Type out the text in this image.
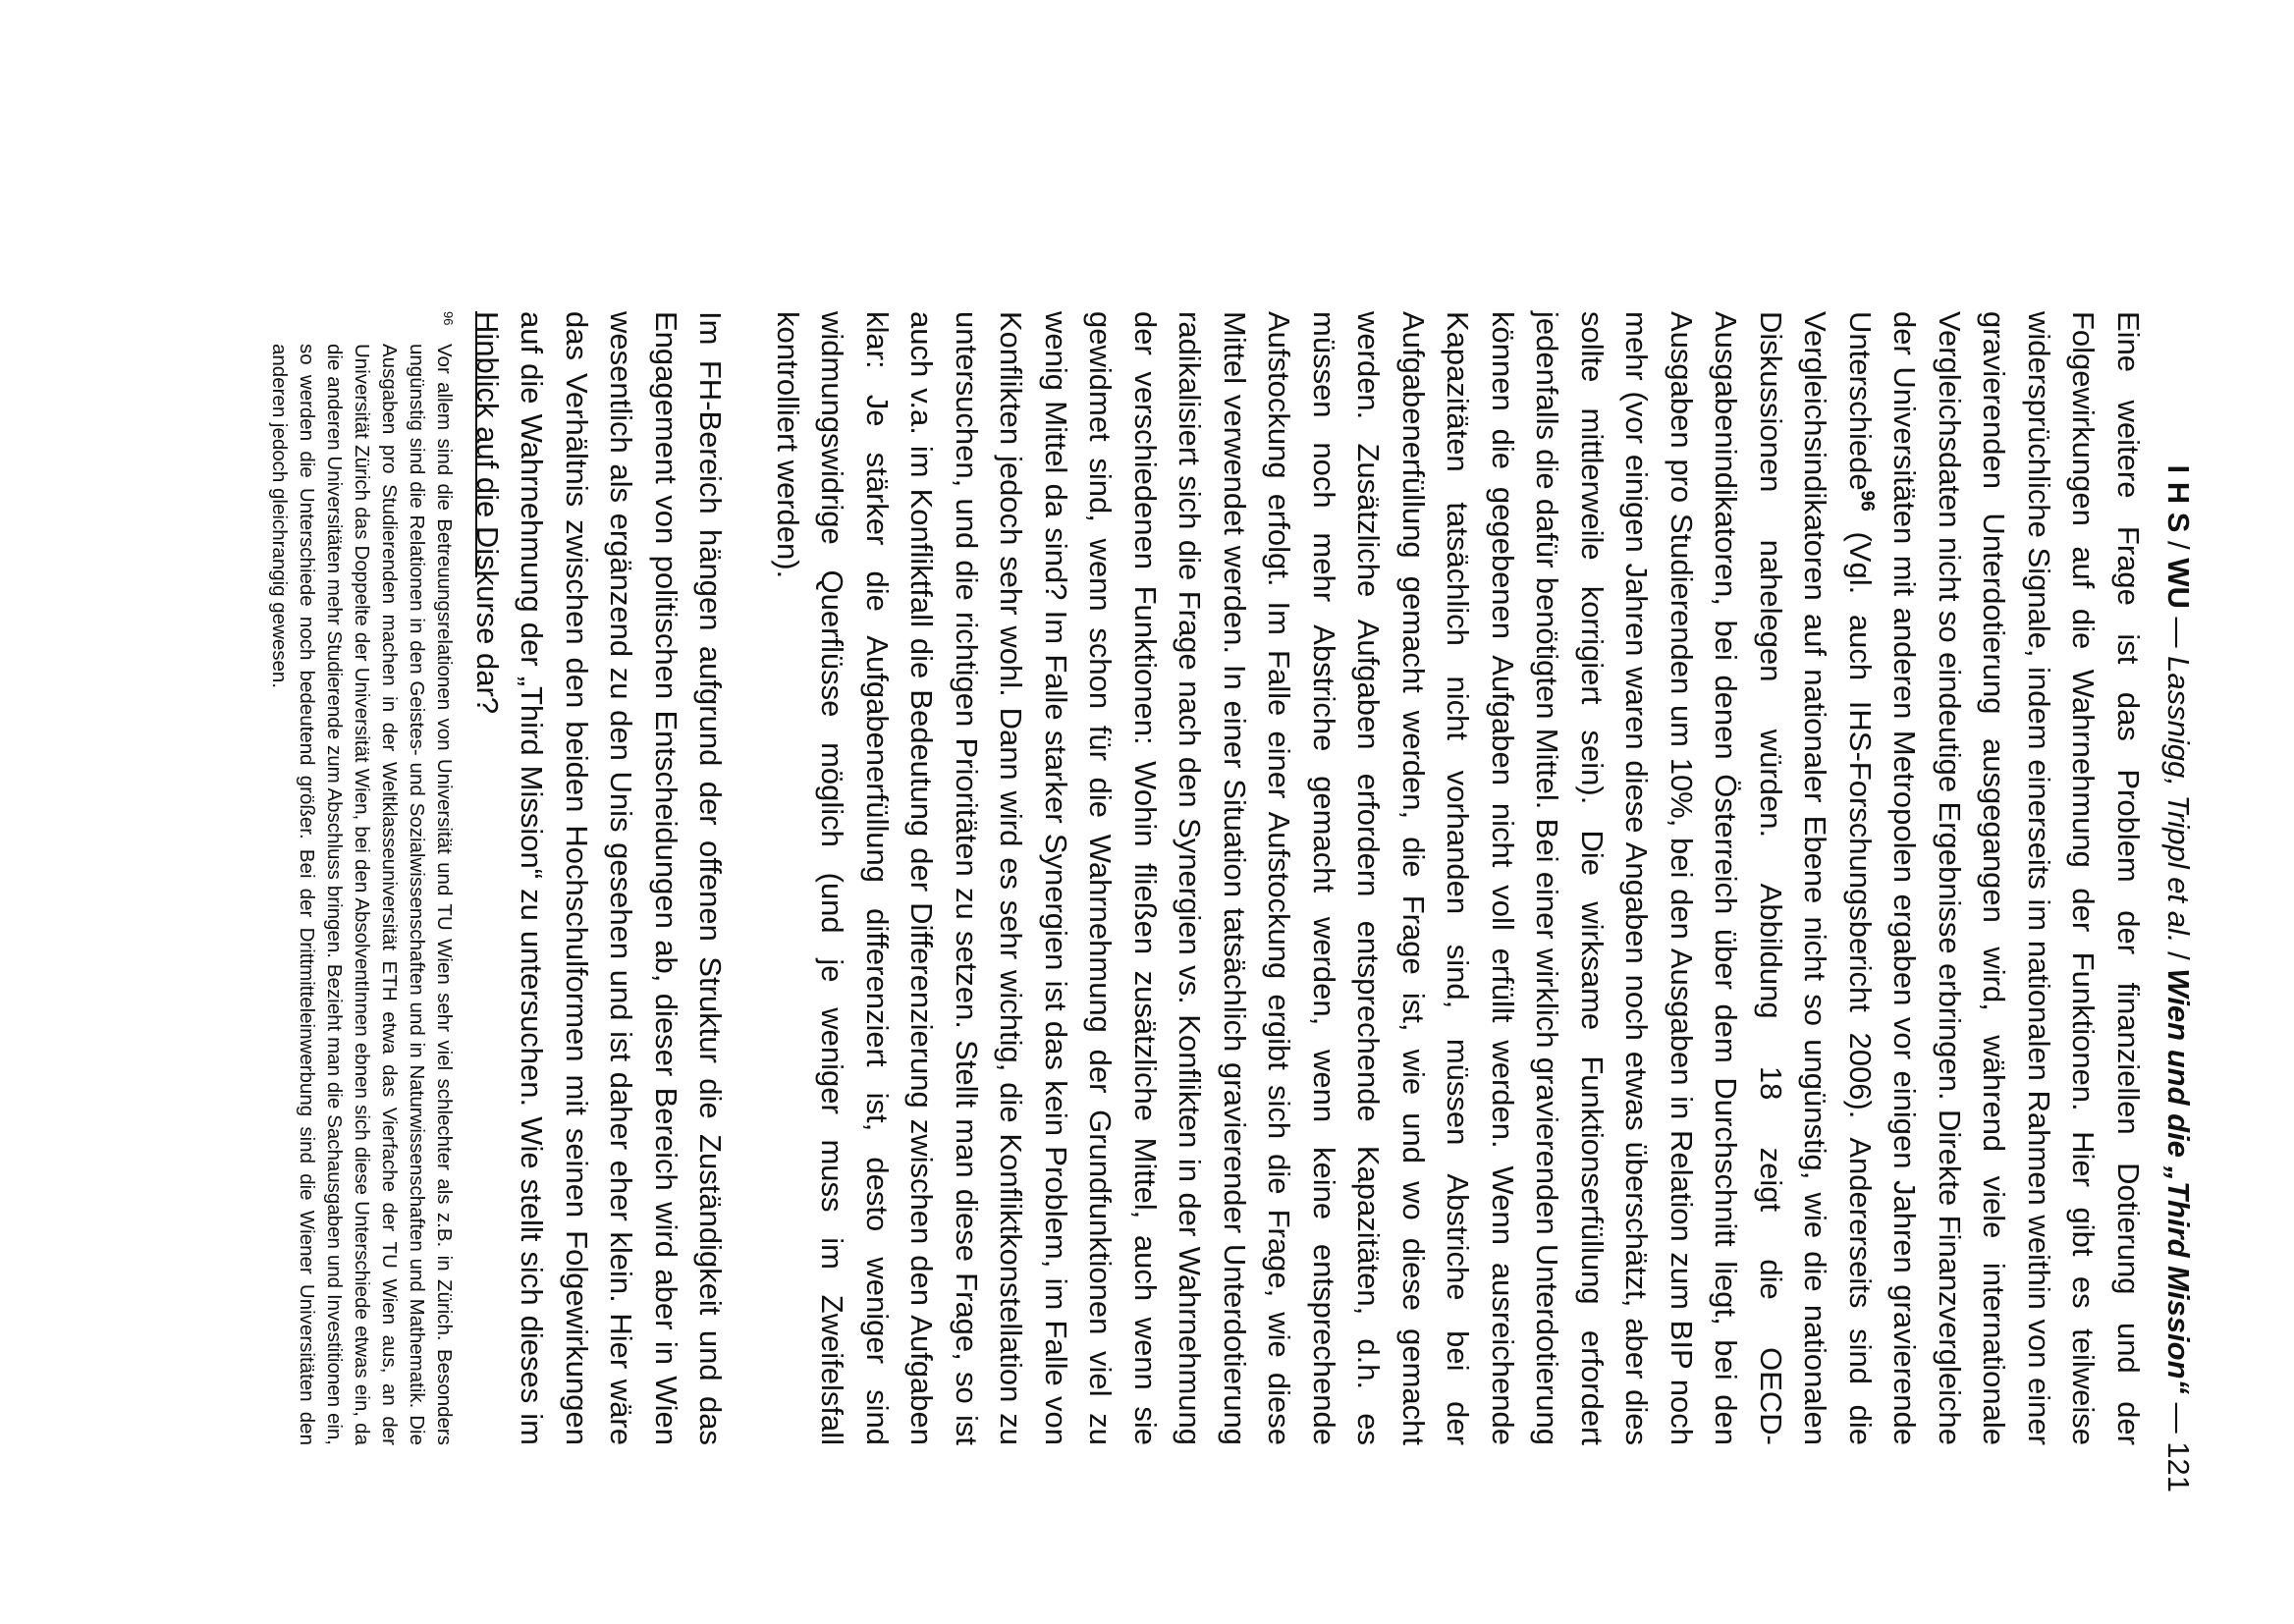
I H S / WU — Lassnigg, Trippl et al. / Wien und die „Third Mission“ — 121

Eine weitere Frage ist das Problem der finanziellen Dotierung und der Folgewirkungen auf die Wahrnehmung der Funktionen. Hier gibt es teilweise widersprüchliche Signale, indem einerseits im nationalen Rahmen weithin von einer gravierenden Unterdotierung ausgegangen wird, während viele internationale Vergleichsdaten nicht so eindeutige Ergebnisse erbringen. Direkte Finanzvergleiche der Universitäten mit anderen Metropolen ergaben vor einigen Jahren gravierende Unterschiede$^{96}$ (Vgl. auch IHS-Forschungsbericht 2006). Andererseits sind die Vergleichsindikatoren auf nationaler Ebene nicht so ungünstig, wie die nationalen Diskussionen nahelegen würden. Abbildung 18 zeigt die OECD-Ausgabenindikatoren, bei denen Österreich über dem Durchschnitt liegt, bei den Ausgaben pro Studierenden um 10%, bei den Ausgaben in Relation zum BIP noch mehr (vor einigen Jahren waren diese Angaben noch etwas überschätzt, aber dies sollte mittlerweile korrigiert sein). Die wirksame Funktionserfüllung erfordert jedenfalls die dafür benötigten Mittel. Bei einer wirklich gravierenden Unterdotierung können die gegebenen Aufgaben nicht voll erfüllt werden. Wenn ausreichende Kapazitäten tatsächlich nicht vorhanden sind, müssen Abstriche bei der Aufgabenerfüllung gemacht werden, die Frage ist, wie und wo diese gemacht werden. Zusätzliche Aufgaben erfordern entsprechende Kapazitäten, d.h. es müssen noch mehr Abstriche gemacht werden, wenn keine entsprechende Aufstockung erfolgt. Im Falle einer Aufstockung ergibt sich die Frage, wie diese Mittel verwendet werden. In einer Situation tatsächlich gravierender Unterdotierung radikalisiert sich die Frage nach den Synergien vs. Konflikten in der Wahrnehmung der verschiedenen Funktionen: Wohin fließen zusätzliche Mittel, auch wenn sie gewidmet sind, wenn schon für die Wahrnehmung der Grundfunktionen viel zu wenig Mittel da sind? Im Falle starker Synergien ist das kein Problem, im Falle von Konflikten jedoch sehr wohl. Dann wird es sehr wichtig, die Konfliktkonstellation zu untersuchen, und die richtigen Prioritäten zu setzen. Stellt man diese Frage, so ist auch v.a. im Konfliktfall die Bedeutung der Differenzierung zwischen den Aufgaben klar: Je stärker die Aufgabenerfüllung differenziert ist, desto weniger sind widmungswidrige Querflüsse möglich (und je weniger muss im Zweifelsfall kontrolliert werden).

Im FH-Bereich hängen aufgrund der offenen Struktur die Zuständigkeit und das Engagement von politischen Entscheidungen ab, dieser Bereich wird aber in Wien wesentlich als ergänzend zu den Unis gesehen und ist daher eher klein. Hier wäre das Verhältnis zwischen den beiden Hochschulformen mit seinen Folgewirkungen auf die Wahrnehmung der „Third Mission“ zu untersuchen. Wie stellt sich dieses im Hinblick auf die Diskurse dar?

96
Vor allem sind die Betreuungsrelationen von Universität und TU Wien sehr viel schlechter als z.B. in Zürich. Besonders ungünstig sind die Relationen in den Geistes- und Sozialwissenschaften und in Naturwissenschaften und Mathematik. Die Ausgaben pro Studierenden machen in der Weltklasseuniversität ETH etwa das Vierfache der TU Wien aus, an der Universität Zürich das Doppelte der Universität Wien, bei den AbsolventInnen ebnen sich diese Unterschiede etwas ein, da die anderen Universitäten mehr Studierende zum Abschluss bringen. Bezieht man die Sachausgaben und Investitionen ein, so werden die Unterschiede noch bedeutend größer. Bei der Drittmitteleinwerbung sind die Wiener Universitäten den anderen jedoch gleichrangig gewesen.
